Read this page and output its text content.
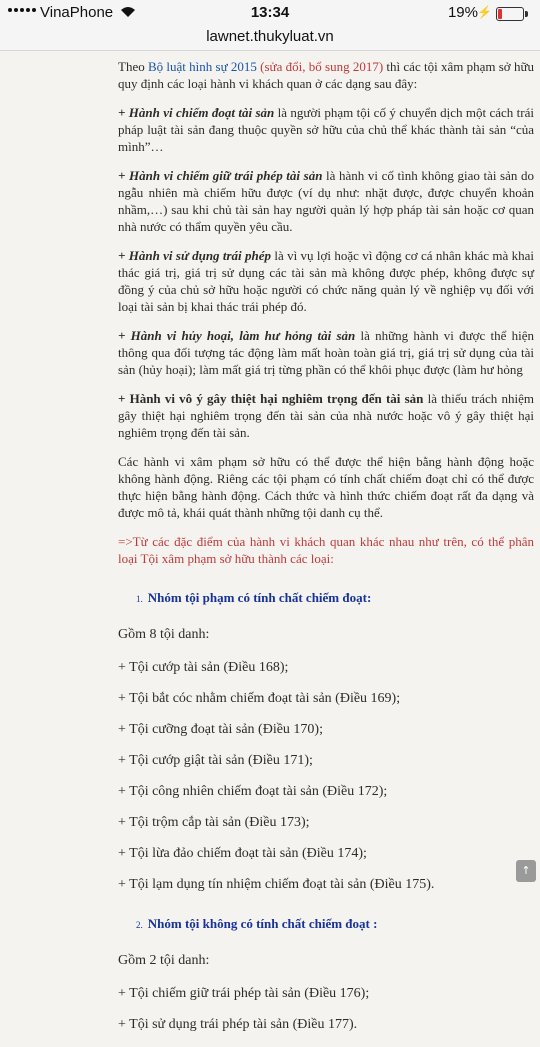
VinaPhone	13:34	19% ⚡
lawnet.thukyluat.vn

Theo Bộ luật hình sự 2015 (sửa đổi, bổ sung 2017) thì các tội xâm phạm sở hữu quy định các loại hành vi khách quan ở các dạng sau đây:

+ Hành vi chiếm đoạt tài sản là người phạm tội cố ý chuyển dịch một cách trái pháp luật tài sản đang thuộc quyền sở hữu của chủ thể khác thành tài sản “của mình”…

+ Hành vi chiếm giữ trái phép tài sản là hành vi cố tình không giao tài sản do ngẫu nhiên mà chiếm hữu được (ví dụ như: nhặt được, được chuyển khoản nhầm,…) sau khi chủ tài sản hay người quản lý hợp pháp tài sản hoặc cơ quan nhà nước có thẩm quyền yêu cầu.

+ Hành vi sử dụng trái phép là vì vụ lợi hoặc vì động cơ cá nhân khác mà khai thác giá trị, giá trị sử dụng các tài sản mà không được phép, không được sự đồng ý của chủ sở hữu hoặc người có chức năng quản lý về nghiệp vụ đối với loại tài sản bị khai thác trái phép đó.

+ Hành vi hủy hoại, làm hư hỏng tài sản là những hành vi được thể hiện thông qua đối tượng tác động làm mất hoàn toàn giá trị, giá trị sử dụng của tài sản (hủy hoại); làm mất giá trị từng phần có thể khôi phục được (làm hư hỏng

+ Hành vi vô ý gây thiệt hại nghiêm trọng đến tài sản là thiếu trách nhiệm gây thiệt hại nghiêm trọng đến tài sản của nhà nước hoặc vô ý gây thiệt hại nghiêm trọng đến tài sản.

Các hành vi xâm phạm sở hữu có thể được thể hiện bằng hành động hoặc không hành động. Riêng các tội phạm có tính chất chiếm đoạt chỉ có thể được thực hiện bằng hành động. Cách thức và hình thức chiếm đoạt rất đa dạng và được mô tả, khái quát thành những tội danh cụ thể.

=>Từ các đặc điểm của hành vi khách quan khác nhau như trên, có thể phân loại Tội xâm phạm sở hữu thành các loại:

1. Nhóm tội phạm có tính chất chiếm đoạt:

Gồm 8 tội danh:

+ Tội cướp tài sản (Điều 168);

+ Tội bắt cóc nhằm chiếm đoạt tài sản (Điều 169);

+ Tội cưỡng đoạt tài sản (Điều 170);

+ Tội cướp giật tài sản (Điều 171);

+ Tội công nhiên chiếm đoạt tài sản (Điều 172);

+ Tội trộm cắp tài sản (Điều 173);

+ Tội lừa đảo chiếm đoạt tài sản (Điều 174);

+ Tội lạm dụng tín nhiệm chiếm đoạt tài sản (Điều 175).

2. Nhóm tội không có tính chất chiếm đoạt :

Gồm 2 tội danh:

+ Tội chiếm giữ trái phép tài sản (Điều 176);

+ Tội sử dụng trái phép tài sản (Điều 177).

↑
